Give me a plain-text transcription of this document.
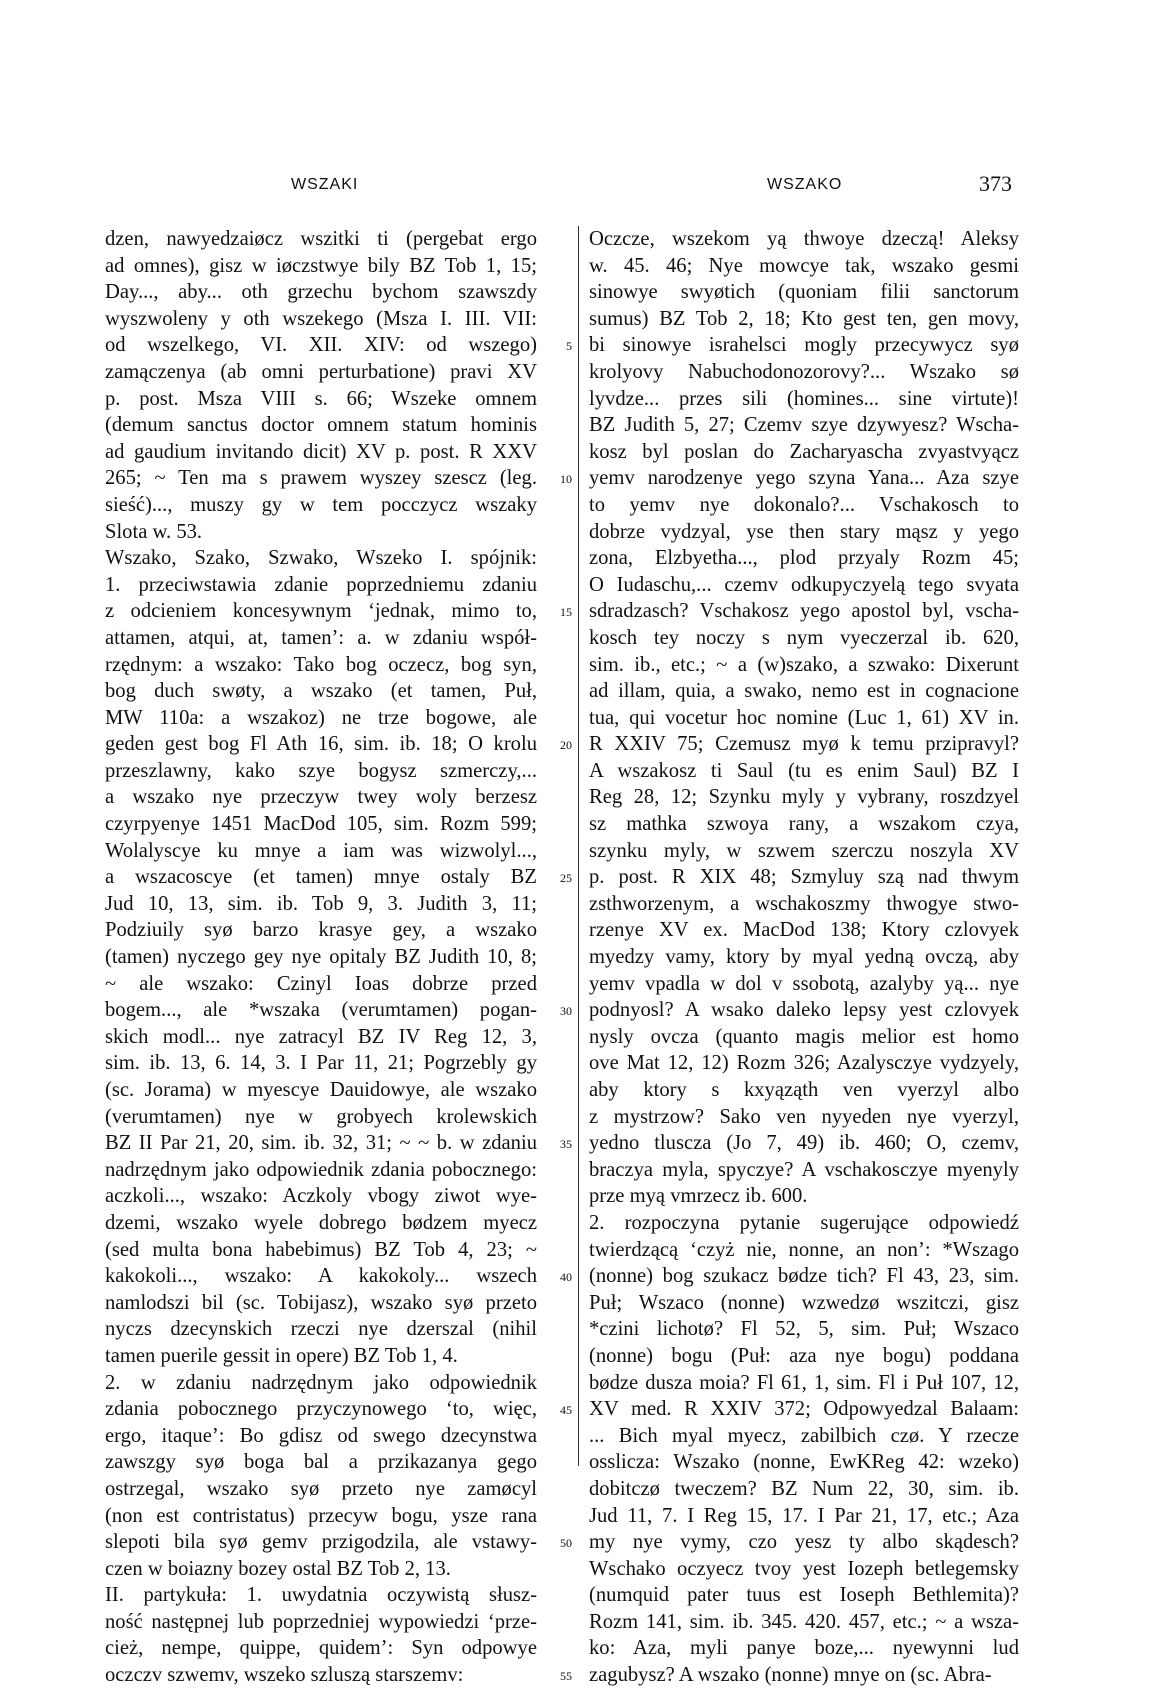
WSZAKI	WSZAKO	373
dzen, nawyedzaiøcz wszitki ti (pergebat ergo
ad omnes), gisz w iøczstwye bily BZ Tob 1, 15;
Day..., aby... oth grzechu bychom szawszdy
wyszwoleny y oth wszekego (Msza I. III. VII:
od wszelkego, VI. XII. XIV: od wszego)
zamączenya (ab omni perturbatione) pravi XV
p. post. Msza VIII s. 66; Wszeke omnem
(demum sanctus doctor omnem statum hominis
ad gaudium invitando dicit) XV p. post. R XXV
265; ~ Ten ma s prawem wyszey szescz (leg.
sieść)..., muszy gy w tem pocczycz wszaky
Slota w. 53.
Wszako, Szako, Szwako, Wszeko I. spójnik:
1. przeciwstawia zdanie poprzedniemu zdaniu
z odcieniem koncesywnym ‘jednak, mimo to,
attamen, atqui, at, tamen’: a. w zdaniu współ-
rzędnym: a wszako: Tako bog oczecz, bog syn,
bog duch swøty, a wszako (et tamen, Puł,
MW 110a: a wszakoz) ne trze bogowe, ale
geden gest bog Fl Ath 16, sim. ib. 18; O krolu
przeszlawny, kako szye bogysz szmerczy,...
a wszako nye przeczyw twey woly berzesz
czyrpyenye 1451 MacDod 105, sim. Rozm 599;
Wolalyscye ku mnye a iam was wizwolyl...,
a wszacoscye (et tamen) mnye ostaly BZ
Jud 10, 13, sim. ib. Tob 9, 3. Judith 3, 11;
Podziuily syø barzo krasye gey, a wszako
(tamen) nyczego gey nye opitaly BZ Judith 10, 8;
~ ale wszako: Czinyl Ioas dobrze przed
bogem..., ale *wszaka (verumtamen) pogan-
skich modl... nye zatracyl BZ IV Reg 12, 3,
sim. ib. 13, 6. 14, 3. I Par 11, 21; Pogrzebly gy
(sc. Jorama) w myescye Dauidowye, ale wszako
(verumtamen) nye w grobyech krolewskich
BZ II Par 21, 20, sim. ib. 32, 31; ~ ~ b. w zdaniu
nadrzędnym jako odpowiednik zdania pobocznego:
aczkoli..., wszako: Aczkoly vbogy ziwot wye-
dzemi, wszako wyele dobrego bødzem myecz
(sed multa bona habebimus) BZ Tob 4, 23; ~
kakokoli..., wszako: A kakokoly... wszech
namlodszi bil (sc. Tobijasz), wszako syø przeto
nyczs dzecynskich rzeczi nye dzerszal (nihil
tamen puerile gessit in opere) BZ Tob 1, 4.
2. w zdaniu nadrzędnym jako odpowiednik
zdania pobocznego przyczynowego ‘to, więc,
ergo, itaque’: Bo gdisz od swego dzecynstwa
zawszgy syø boga bal a przikazanya gego
ostrzegal, wszako syø przeto nye zamøcyl
(non est contristatus) przecyw bogu, ysze rana
slepoti bila syø gemv przigodzila, ale vstawy-
czen w boiazny bozey ostal BZ Tob 2, 13.
II. partykuła: 1. uwydatnia oczywistą słusz-
ność następnej lub poprzedniej wypowiedzi ‘prze-
cież, nempe, quippe, quidem’: Syn odpowye
oczczv szwemv, wszeko szluszą starszemv:
5
10
15
20
25
30
35
40
45
50
55
Oczcze, wszekom yą thwoye dzeczą! Aleksy
w. 45. 46; Nye mowcye tak, wszako gesmi
sinowye swyøtich (quoniam filii sanctorum
sumus) BZ Tob 2, 18; Kto gest ten, gen movy,
bi sinowye israhelsci mogly przecywycz syø
krolyovy Nabuchodonozorovy?... Wszako sø
lyvdze... przes sili (homines... sine virtute)!
BZ Judith 5, 27; Czemv szye dzywyesz? Wscha-
kosz byl poslan do Zacharyascha zvyastvyącz
yemv narodzenye yego szyna Yana... Aza szye
to yemv nye dokonalo?... Vschakosch to
dobrze vydzyal, yse then stary mąsz y yego
zona, Elzbyetha..., plod przyaly Rozm 45;
O Iudaschu,... czemv odkupyczyelą tego svyata
sdradzasch? Vschakosz yego apostol byl, vscha-
kosch tey noczy s nym vyeczerzal ib. 620,
sim. ib., etc.; ~ a (w)szako, a szwako: Dixerunt
ad illam, quia, a swako, nemo est in cognacione
tua, qui vocetur hoc nomine (Luc 1, 61) XV in.
R XXIV 75; Czemusz myø k temu przipravyl?
A wszakosz ti Saul (tu es enim Saul) BZ I
Reg 28, 12; Szynku myly y vybrany, roszdzyel
sz mathka szwoya rany, a wszakom czya,
szynku myly, w szwem szerczu noszyla XV
p. post. R XIX 48; Szmyluy szą nad thwym
zsthworzenym, a wschakoszmy thwogye stwo-
rzenye XV ex. MacDod 138; Ktory czlovyek
myedzy vamy, ktory by myal yedną ovczą, aby
yemv vpadla w dol v ssobotą, azalyby yą... nye
podnyosl? A wsako daleko lepsy yest czlovyek
nysly ovcza (quanto magis melior est homo
ove Mat 12, 12) Rozm 326; Azalysczye vydzyely,
aby ktory s kxyąząth ven vyerzyl albo
z mystrzow? Sako ven nyyeden nye vyerzyl,
yedno tluscza (Jo 7, 49) ib. 460; O, czemv,
braczya myla, spyczye? A vschakosczye myenyly
prze myą vmrzecz ib. 600.
2. rozpoczyna pytanie sugerujące odpowiedź
twierdzącą ‘czyż nie, nonne, an non’: *Wszago
(nonne) bog szukacz bødze tich? Fl 43, 23, sim.
Puł; Wszaco (nonne) wzwedzø wszitczi, gisz
*czini lichotø? Fl 52, 5, sim. Puł; Wszaco
(nonne) bogu (Puł: aza nye bogu) poddana
bødze dusza moia? Fl 61, 1, sim. Fl i Puł 107, 12,
XV med. R XXIV 372; Odpowyedzal Balaam:
... Bich myal myecz, zabilbich czø. Y rzecze
osslicza: Wszako (nonne, EwKReg 42: wzeko)
dobitczø tweczem? BZ Num 22, 30, sim. ib.
Jud 11, 7. I Reg 15, 17. I Par 21, 17, etc.; Aza
my nye vymy, czo yesz ty albo skądesch?
Wschako oczyecz tvoy yest Iozeph betlegemsky
(numquid pater tuus est Ioseph Bethlemita)?
Rozm 141, sim. ib. 345. 420. 457, etc.; ~ a wsza-
ko: Aza, myli panye boze,... nyewynni lud
zagubysz? A wszako (nonne) mnye on (sc. Abra-
